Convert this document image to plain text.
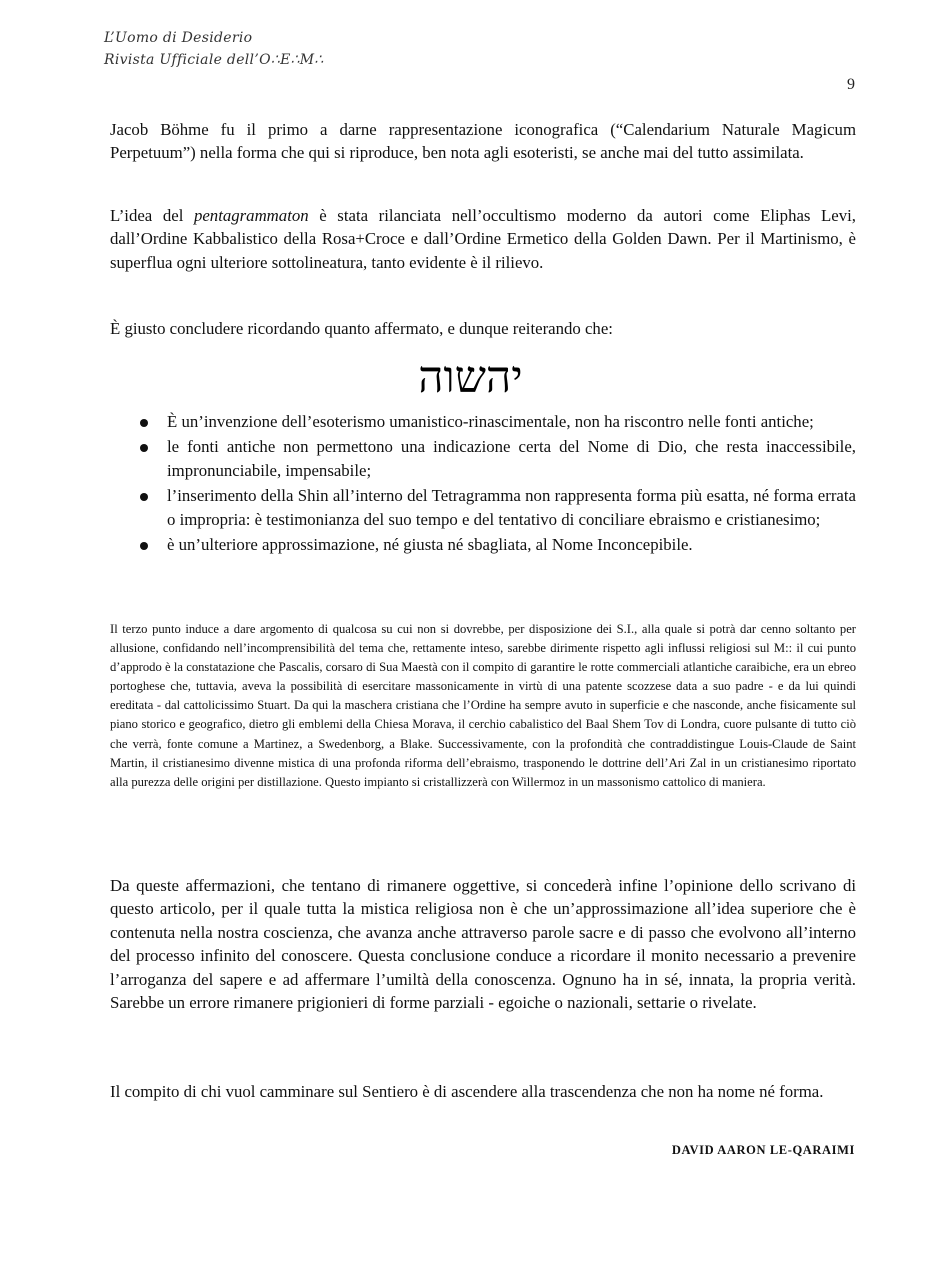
L’Uomo di Desiderio
Rivista Ufficiale dell’O∴E∴M∴
9

Jacob Böhme fu il primo a darne rappresentazione iconografica (“Calendarium Naturale Magicum Perpetuum”) nella forma che qui si riproduce, ben nota agli esoteristi, se anche mai del tutto assimilata.

L’idea del pentagrammaton è stata rilanciata nell’occultismo moderno da autori come Eliphas Levi, dall’Ordine Kabbalistico della Rosa+Croce e dall’Ordine Ermetico della Golden Dawn. Per il Martinismo, è superflua ogni ulteriore sottolineatura, tanto evidente è il rilievo.

È giusto concludere ricordando quanto affermato, e dunque reiterando che:

יהשוה
È un’invenzione dell’esoterismo umanistico-rinascimentale, non ha riscontro nelle fonti antiche;
le fonti antiche non permettono una indicazione certa del Nome di Dio, che resta inaccessibile, impronunciabile, impensabile;
l’inserimento della Shin all’interno del Tetragramma non rappresenta forma più esatta, né forma errata o impropria: è testimonianza del suo tempo e del tentativo di conciliare ebraismo e cristianesimo;
è un’ulteriore approssimazione, né giusta né sbagliata, al Nome Inconcepibile.

Il terzo punto induce a dare argomento di qualcosa su cui non si dovrebbe, per disposizione dei S.I., alla quale si potrà dar cenno soltanto per allusione, confidando nell’incomprensibilità del tema che, rettamente inteso, sarebbe dirimente rispetto agli influssi religiosi sul M:: il cui punto d’approdo è la constatazione che Pascalis, corsaro di Sua Maestà con il compito di garantire le rotte commerciali atlantiche caraibiche, era un ebreo portoghese che, tuttavia, aveva la possibilità di esercitare massonicamente in virtù di una patente scozzese data a suo padre - e da lui quindi ereditata - dal cattolicissimo Stuart. Da qui la maschera cristiana che l’Ordine ha sempre avuto in superficie e che nasconde, anche fisicamente sul piano storico e geografico, dietro gli emblemi della Chiesa Morava, il cerchio cabalistico del Baal Shem Tov di Londra, cuore pulsante di tutto ciò che verrà, fonte comune a Martinez, a Swedenborg, a Blake. Successivamente, con la profondità che contraddistingue Louis-Claude de Saint Martin, il cristianesimo divenne mistica di una profonda riforma dell’ebraismo, trasponendo le dottrine dell’Ari Zal in un cristianesimo riportato alla purezza delle origini per distillazione. Questo impianto si cristallizzerà con Willermoz in un massonismo cattolico di maniera.

Da queste affermazioni, che tentano di rimanere oggettive, si concederà infine l’opinione dello scrivano di questo articolo, per il quale tutta la mistica religiosa non è che un’approssimazione all’idea superiore che è contenuta nella nostra coscienza, che avanza anche attraverso parole sacre e di passo che evolvono all’interno del processo infinito del conoscere. Questa conclusione conduce a ricordare il monito necessario a prevenire l’arroganza del sapere e ad affermare l’umiltà della conoscenza. Ognuno ha in sé, innata, la propria verità. Sarebbe un errore rimanere prigionieri di forme parziali - egoiche o nazionali, settarie o rivelate.

Il compito di chi vuol camminare sul Sentiero è di ascendere alla trascendenza che non ha nome né forma.

DAVID AARON LE-QARAIMI
